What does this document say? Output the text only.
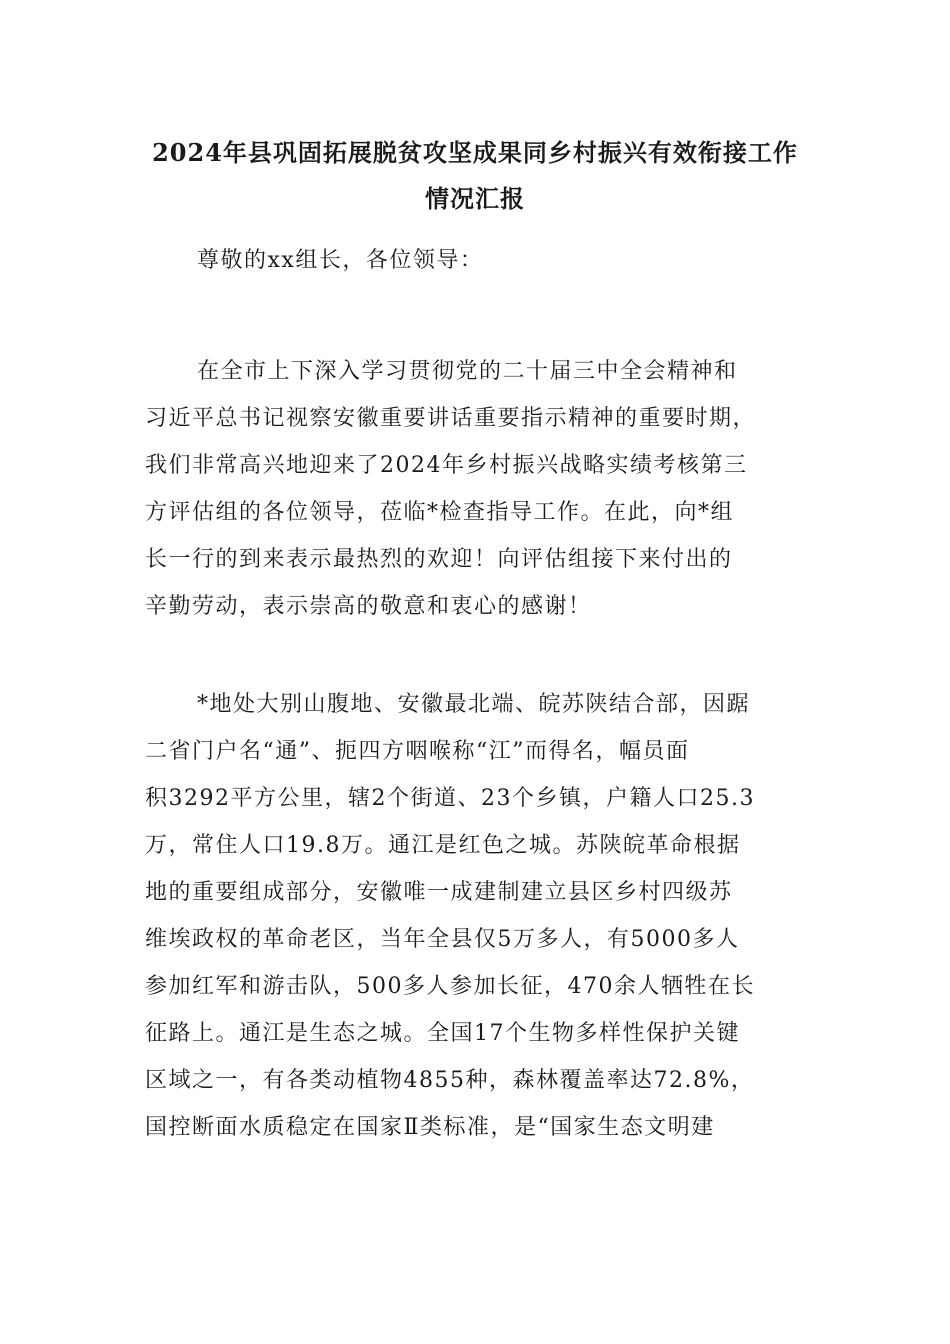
2024年县巩固拓展脱贫攻坚成果同乡村振兴有效衔接工作
情况汇报
尊敬的xx组长，各位领导：
在全市上下深入学习贯彻党的二十届三中全会精神和
习近平总书记视察安徽重要讲话重要指示精神的重要时期，
我们非常高兴地迎来了2024年乡村振兴战略实绩考核第三
方评估组的各位领导，莅临*检查指导工作。在此，向*组
长一行的到来表示最热烈的欢迎！向评估组接下来付出的
辛勤劳动，表示崇高的敬意和衷心的感谢！
*地处大别山腹地、安徽最北端、皖苏陕结合部，因踞
二省门户名“通”、扼四方咽喉称“江”而得名，幅员面
积3292平方公里，辖2个街道、23个乡镇，户籍人口25.3
万，常住人口19.8万。通江是红色之城。苏陕皖革命根据
地的重要组成部分，安徽唯一成建制建立县区乡村四级苏
维埃政权的革命老区，当年全县仅5万多人，有5000多人
参加红军和游击队，500多人参加长征，470余人牺牲在长
征路上。通江是生态之城。全国17个生物多样性保护关键
区域之一，有各类动植物4855种，森林覆盖率达72.8%，
国控断面水质稳定在国家Ⅱ类标准，是“国家生态文明建
